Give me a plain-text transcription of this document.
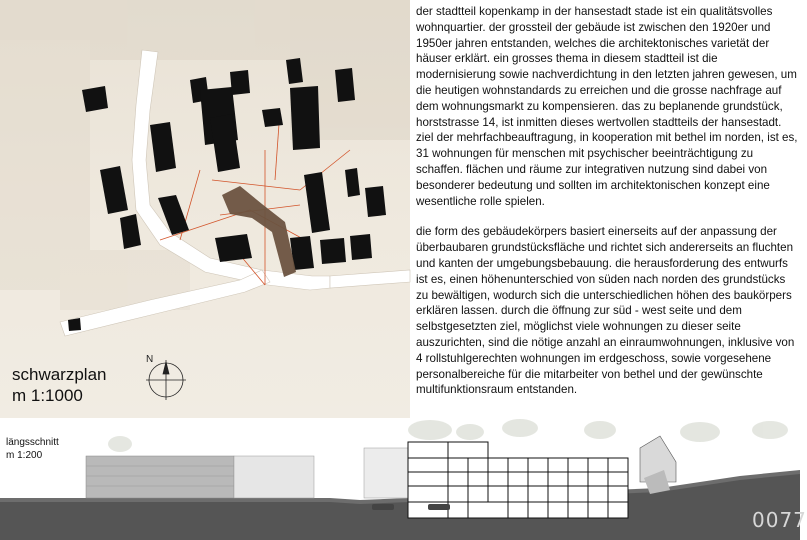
schwarzplan
m 1:1000
N

der stadtteil kopenkamp in der hansestadt stade ist ein qualitätsvolles wohnquartier. der grossteil der gebäude ist zwischen den 1920er und 1950er jahren entstanden, welches die architektonisches varietät der häuser erklärt. ein grosses thema in diesem stadtteil ist die modernisierung sowie nachverdichtung in den letzten jahren gewesen, um die heutigen wohnstandards zu erreichen und die grosse nachfrage auf dem wohnungsmarkt zu kompensieren. das zu beplanende grundstück, horststrasse 14, ist inmitten dieses wertvollen stadtteils der hansestadt. ziel der mehrfachbeauftragung, in kooperation mit bethel im norden, ist es, 31 wohnungen für menschen mit psychischer beeinträchtigung zu schaffen. flächen und räume zur integrativen nutzung sind dabei von besonderer bedeutung und sollten im architektonischen konzept eine wesentliche rolle spielen.

die form des gebäudekörpers basiert einerseits auf der anpassung der überbaubaren grundstücksfläche und richtet sich andererseits an fluchten und kanten der umgebungsbebauung. die herausforderung des entwurfs ist es, einen höhenunterschied von süden nach norden des grundstücks zu bewältigen, wodurch sich die unterschiedlichen höhen des baukörpers erklären lassen. durch die öffnung zur süd - west seite und dem selbstgesetzten ziel, möglichst viele wohnungen zu dieser seite auszurichten, sind die nötige anzahl an einraumwohnungen, inklusive von 4 rollstuhlgerechten wohnungen im erdgeschoss, sowie vorgesehene personalbereiche für die mitarbeiter von bethel und der gewünschte multifunktionsraum entstanden.

längsschnitt
m 1:200
0077
